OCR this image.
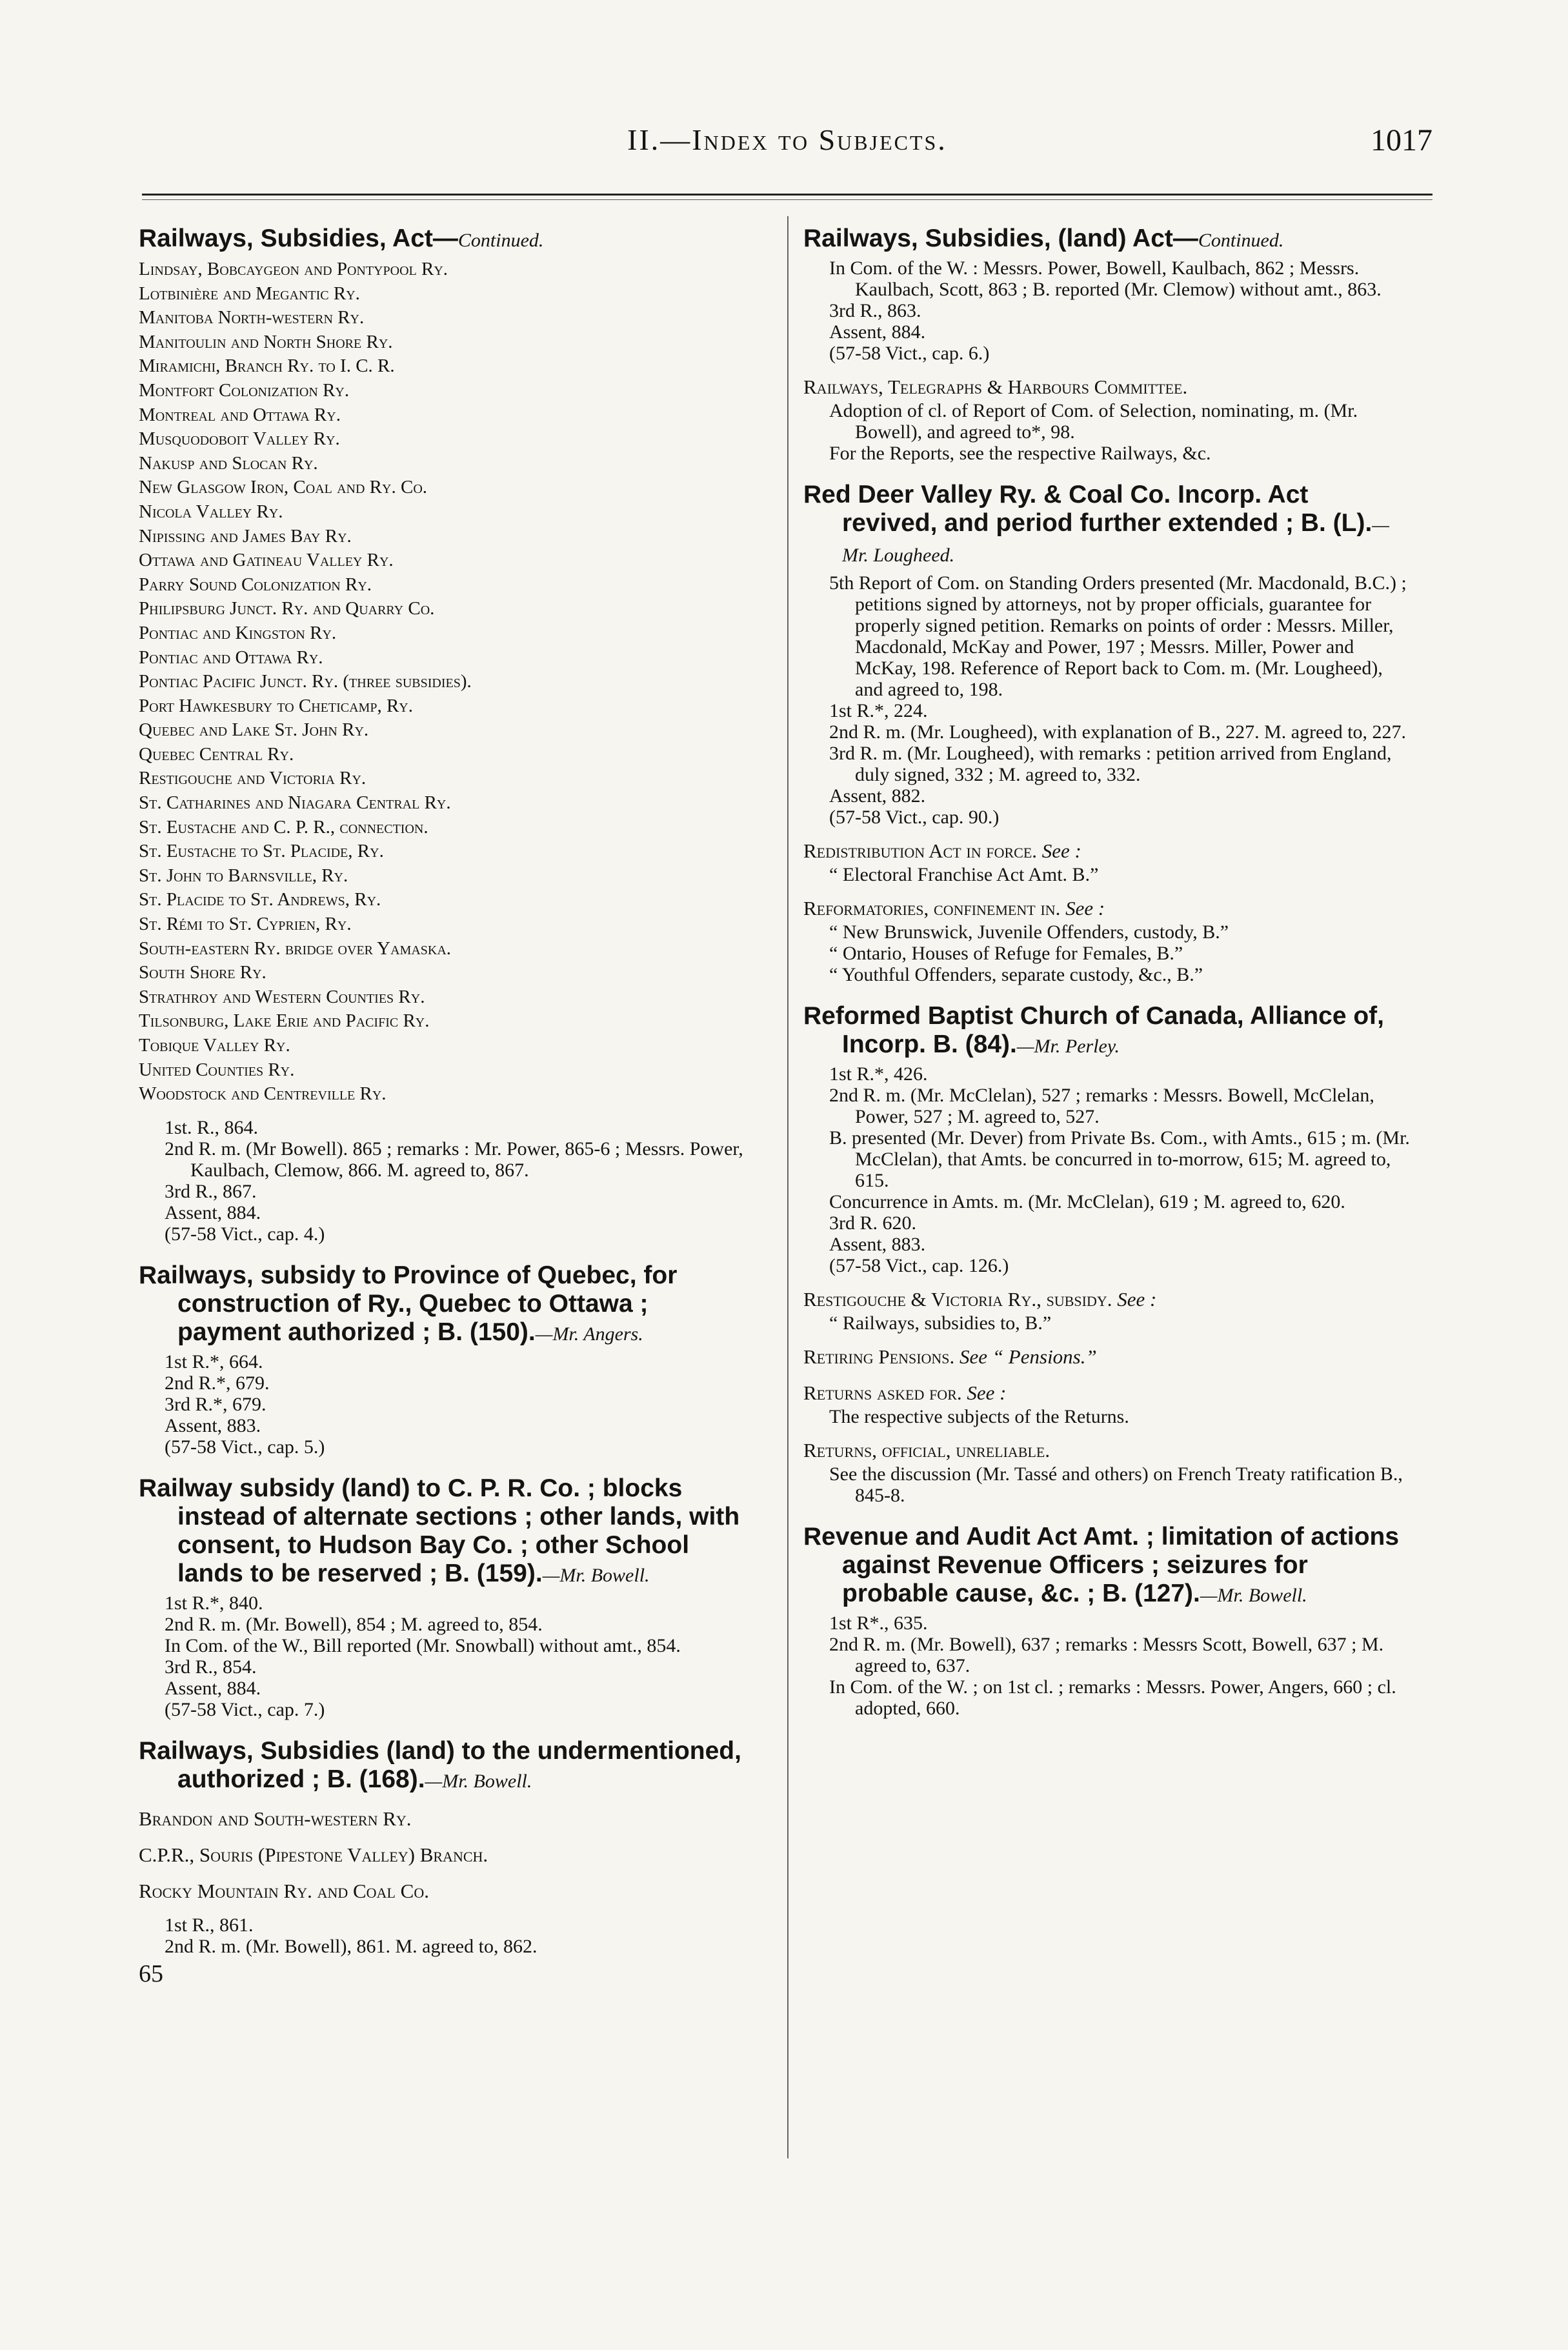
II.—Index to Subjects.	1017
Railways, Subsidies, Act—Continued.
Lindsay, Bobcaygeon and Pontypool Ry.
Lotbinière and Megantic Ry.
Manitoba North-western Ry.
Manitoulin and North Shore Ry.
Miramichi, Branch Ry. to I. C. R.
Montfort Colonization Ry.
Montreal and Ottawa Ry.
Musquodoboit Valley Ry.
Nakusp and Slocan Ry.
New Glasgow Iron, Coal and Ry. Co.
Nicola Valley Ry.
Nipissing and James Bay Ry.
Ottawa and Gatineau Valley Ry.
Parry Sound Colonization Ry.
Philipsburg Junct. Ry. and Quarry Co.
Pontiac and Kingston Ry.
Pontiac and Ottawa Ry.
Pontiac Pacific Junct. Ry. (three subsidies).
Port Hawkesbury to Cheticamp, Ry.
Quebec and Lake St. John Ry.
Quebec Central Ry.
Restigouche and Victoria Ry.
St. Catharines and Niagara Central Ry.
St. Eustache and C. P. R., connection.
St. Eustache to St. Placide, Ry.
St. John to Barnsville, Ry.
St. Placide to St. Andrews, Ry.
St. Rémi to St. Cyprien, Ry.
South-eastern Ry. bridge over Yamaska.
South Shore Ry.
Strathroy and Western Counties Ry.
Tilsonburg, Lake Erie and Pacific Ry.
Tobique Valley Ry.
United Counties Ry.
Woodstock and Centreville Ry.
1st. R., 864.
2nd R. m. (Mr Bowell). 865 ; remarks : Mr. Power, 865-6 ; Messrs. Power, Kaulbach, Clemow, 866. M. agreed to, 867.
3rd R., 867.
Assent, 884.
(57-58 Vict., cap. 4.)
Railways, subsidy to Province of Quebec, for construction of Ry., Quebec to Ottawa ; payment authorized ; B. (150).—Mr. Angers.
1st R.*, 664.
2nd R.*, 679.
3rd R.*, 679.
Assent, 883.
(57-58 Vict., cap. 5.)
Railway subsidy (land) to C. P. R. Co. ; blocks instead of alternate sections ; other lands, with consent, to Hudson Bay Co. ; other School lands to be reserved ; B. (159).—Mr. Bowell.
1st R.*, 840.
2nd R. m. (Mr. Bowell), 854 ; M. agreed to, 854.
In Com. of the W., Bill reported (Mr. Snowball) without amt., 854.
3rd R., 854.
Assent, 884.
(57-58 Vict., cap. 7.)
Railways, Subsidies (land) to the undermentioned, authorized ; B. (168).—Mr. Bowell.
Brandon and South-western Ry.
C.P.R., Souris (Pipestone Valley) Branch.
Rocky Mountain Ry. and Coal Co.
1st R., 861.
2nd R. m. (Mr. Bowell), 861. M. agreed to, 862.
65
Railways, Subsidies, (land) Act—Continued.
In Com. of the W. : Messrs. Power, Bowell, Kaulbach, 862 ; Messrs. Kaulbach, Scott, 863 ; B. reported (Mr. Clemow) without amt., 863.
3rd R., 863.
Assent, 884.
(57-58 Vict., cap. 6.)
Railways, Telegraphs & Harbours Committee.
Adoption of cl. of Report of Com. of Selection, nominating, m. (Mr. Bowell), and agreed to*, 98.
For the Reports, see the respective Railways, &c.
Red Deer Valley Ry. & Coal Co. Incorp. Act revived, and period further extended ; B. (L).—Mr. Lougheed.
5th Report of Com. on Standing Orders presented (Mr. Macdonald, B.C.) ; petitions signed by attorneys, not by proper officials, guarantee for properly signed petition. Remarks on points of order : Messrs. Miller, Macdonald, McKay and Power, 197 ; Messrs. Miller, Power and McKay, 198. Reference of Report back to Com. m. (Mr. Lougheed), and agreed to, 198.
1st R.*, 224.
2nd R. m. (Mr. Lougheed), with explanation of B., 227. M. agreed to, 227.
3rd R. m. (Mr. Lougheed), with remarks : petition arrived from England, duly signed, 332 ; M. agreed to, 332.
Assent, 882.
(57-58 Vict., cap. 90.)
Redistribution Act in force. See :
“ Electoral Franchise Act Amt. B.”
Reformatories, confinement in. See :
“ New Brunswick, Juvenile Offenders, custody, B.”
“ Ontario, Houses of Refuge for Females, B.”
“ Youthful Offenders, separate custody, &c., B.”
Reformed Baptist Church of Canada, Alliance of, Incorp. B. (84).—Mr. Perley.
1st R.*, 426.
2nd R. m. (Mr. McClelan), 527 ; remarks : Messrs. Bowell, McClelan, Power, 527 ; M. agreed to, 527.
B. presented (Mr. Dever) from Private Bs. Com., with Amts., 615 ; m. (Mr. McClelan), that Amts. be concurred in to-morrow, 615; M. agreed to, 615.
Concurrence in Amts. m. (Mr. McClelan), 619 ; M. agreed to, 620.
3rd R. 620.
Assent, 883.
(57-58 Vict., cap. 126.)
Restigouche & Victoria Ry., subsidy. See :
“ Railways, subsidies to, B.”
Retiring Pensions. See “ Pensions.”
Returns asked for. See :
The respective subjects of the Returns.
Returns, official, unreliable.
See the discussion (Mr. Tassé and others) on French Treaty ratification B., 845-8.
Revenue and Audit Act Amt. ; limitation of actions against Revenue Officers ; seizures for probable cause, &c. ; B. (127).—Mr. Bowell.
1st R*., 635.
2nd R. m. (Mr. Bowell), 637 ; remarks : Messrs Scott, Bowell, 637 ; M. agreed to, 637.
In Com. of the W. ; on 1st cl. ; remarks : Messrs. Power, Angers, 660 ; cl. adopted, 660.
